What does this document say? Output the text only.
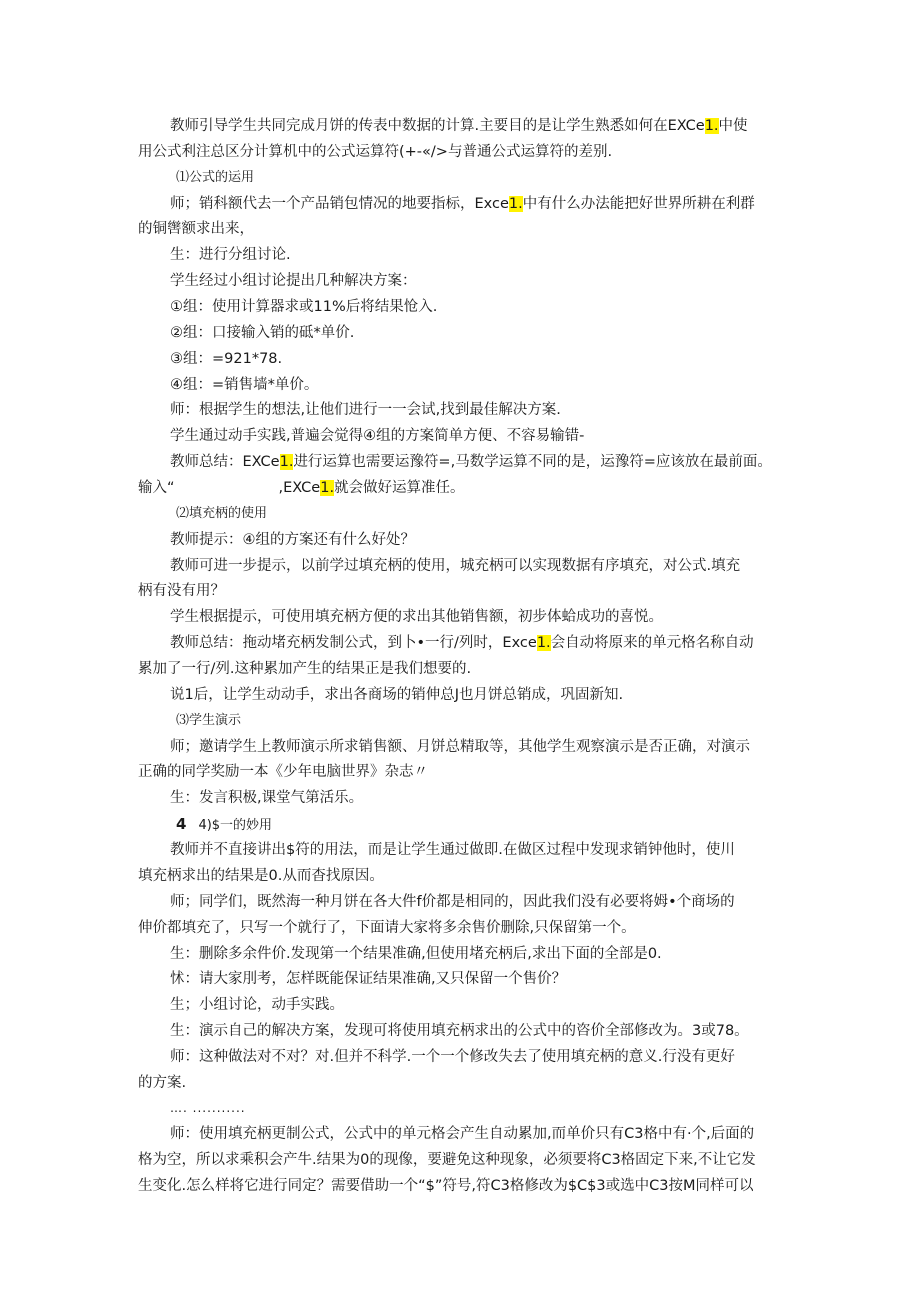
教师引导学生共同完成月饼的传表中数据的计算.主要目的是让学生熟悉如何在EXCe1.中使
用公式利注总区分计算机中的公式运算符(+-«/>与普通公式运算符的差别.
⑴公式的运用
师；销科额代去一个产品销包情况的地要指标，Exce1.中有什么办法能把好世界所耕在利群
的铜辔额求出来，
生：进行分组讨论.
学生经过小组讨论提出几种解决方案：
①组：使用计算器求或11%后将结果怆入.
②组：口接输入销的砥*单价.
③组：=921*78.
④组：=销售墙*单价。
师：根据学生的想法,让他们进行一一会试,找到最佳解决方案.
学生通过动手实践,普遍会觉得④组的方案简单方便、不容易输错-
教师总结：EXCe1.进行运算也需要运豫符=,马数学运算不同的是，运豫符=应该放在最前面。
输入“	,EXCe1.就会做好运算准任。
⑵填充柄的使用
教师提示：④组的方案还有什么好处？
教师可进一步提示，以前学过填充柄的使用，城充柄可以实现数据有序填充，对公式.填充
柄有没有用？
学生根据提示，可使用填充柄方便的求出其他销售额，初步体蛤成功的喜悦。
教师总结：拖动堵充柄发制公式，到卜•一行/列时，Exce1.会自动将原来的单元格名称自动
累加了一行/列.这种累加产生的结果正是我们想要的.
说1后，让学生动动手，求出各商场的销伸总J也月饼总销成，巩固新知.
⑶学生演示
师；邀请学生上教师演示所求销售额、月饼总精取等，其他学生观察演示是否正确，对演示
正确的同学奖励一本《少年电脑世界》杂志〃
生：发言积极,课堂气第活乐。
4 4)$一的妙用
教师并不直接讲出$符的用法，而是让学生通过做即.在做区过程中发现求销钟他时，使川
填充柄求出的结果是0.从而杳找原因。
师；同学们，既然海一种月饼在各大件f价都是相同的，因此我们没有必要将姆•个商场的
伸价都填充了，只写一个就行了，下面请大家将多余售价删除,只保留第一个。
生：删除多余件价.发现第一个结果准确,但使用堵充柄后,求出下面的全部是0.
怵：请大家刖考，怎样既能保证结果准确,又只保留一个售价？
生；小组讨论，动手实践。
生：演示自己的解决方案，发现可将使用填充柄求出的公式中的咨价全部修改为。3或78。
师：这种做法对不对？对.但并不科学.一个一个修改失去了使用填充柄的意义.行没有更好
的方案.
…. ...........
师：使用填充柄更制公式，公式中的单元格会产生自动累加,而单价只有C3格中有·个,后面的
格为空，所以求乘积会产牛.结果为0的现像，要避免这种现象，必须要将C3格固定下来,不让它发
生变化.怎么样将它进行同定？需要借助一个“$”符号,符C3格修改为$C$3或选中C3按M同样可以
